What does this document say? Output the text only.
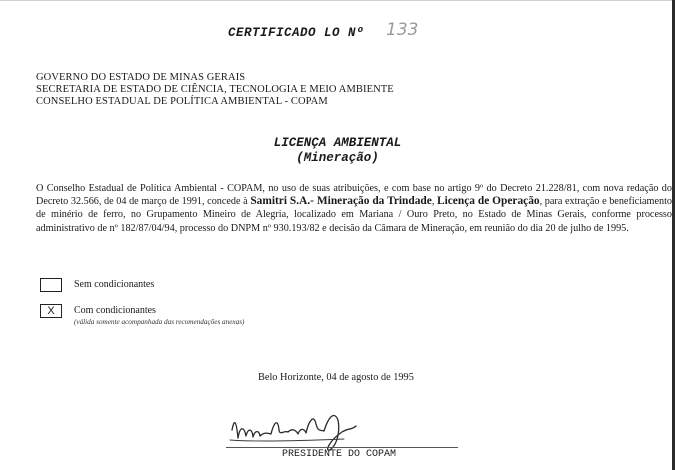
CERTIFICADO LO Nº 133
GOVERNO DO ESTADO DE MINAS GERAIS
SECRETARIA DE ESTADO DE CIÊNCIA, TECNOLOGIA E MEIO AMBIENTE
CONSELHO ESTADUAL DE POLÍTICA AMBIENTAL - COPAM
LICENÇA AMBIENTAL
(Mineração)
O Conselho Estadual de Política Ambiental - COPAM, no uso de suas atribuições, e com base no artigo 9º do Decreto 21.228/81, com nova redação do Decreto 32.566, de 04 de março de 1991, concede à Samitri S.A.- Mineração da Trindade, Licença de Operação, para extração e beneficiamento de minério de ferro, no Grupamento Mineiro de Alegria, localizado em Mariana / Ouro Preto, no Estado de Minas Gerais, conforme processo administrativo de nº 182/87/04/94, processo do DNPM nº 930.193/82 e decisão da Câmara de Mineração, em reunião do dia 20 de julho de 1995.
Sem condicionantes
X	Com condicionantes
(válida somente acompanhada das recomendações anexas)
Belo Horizonte, 04 de agosto de 1995
PRESIDENTE DO COPAM
